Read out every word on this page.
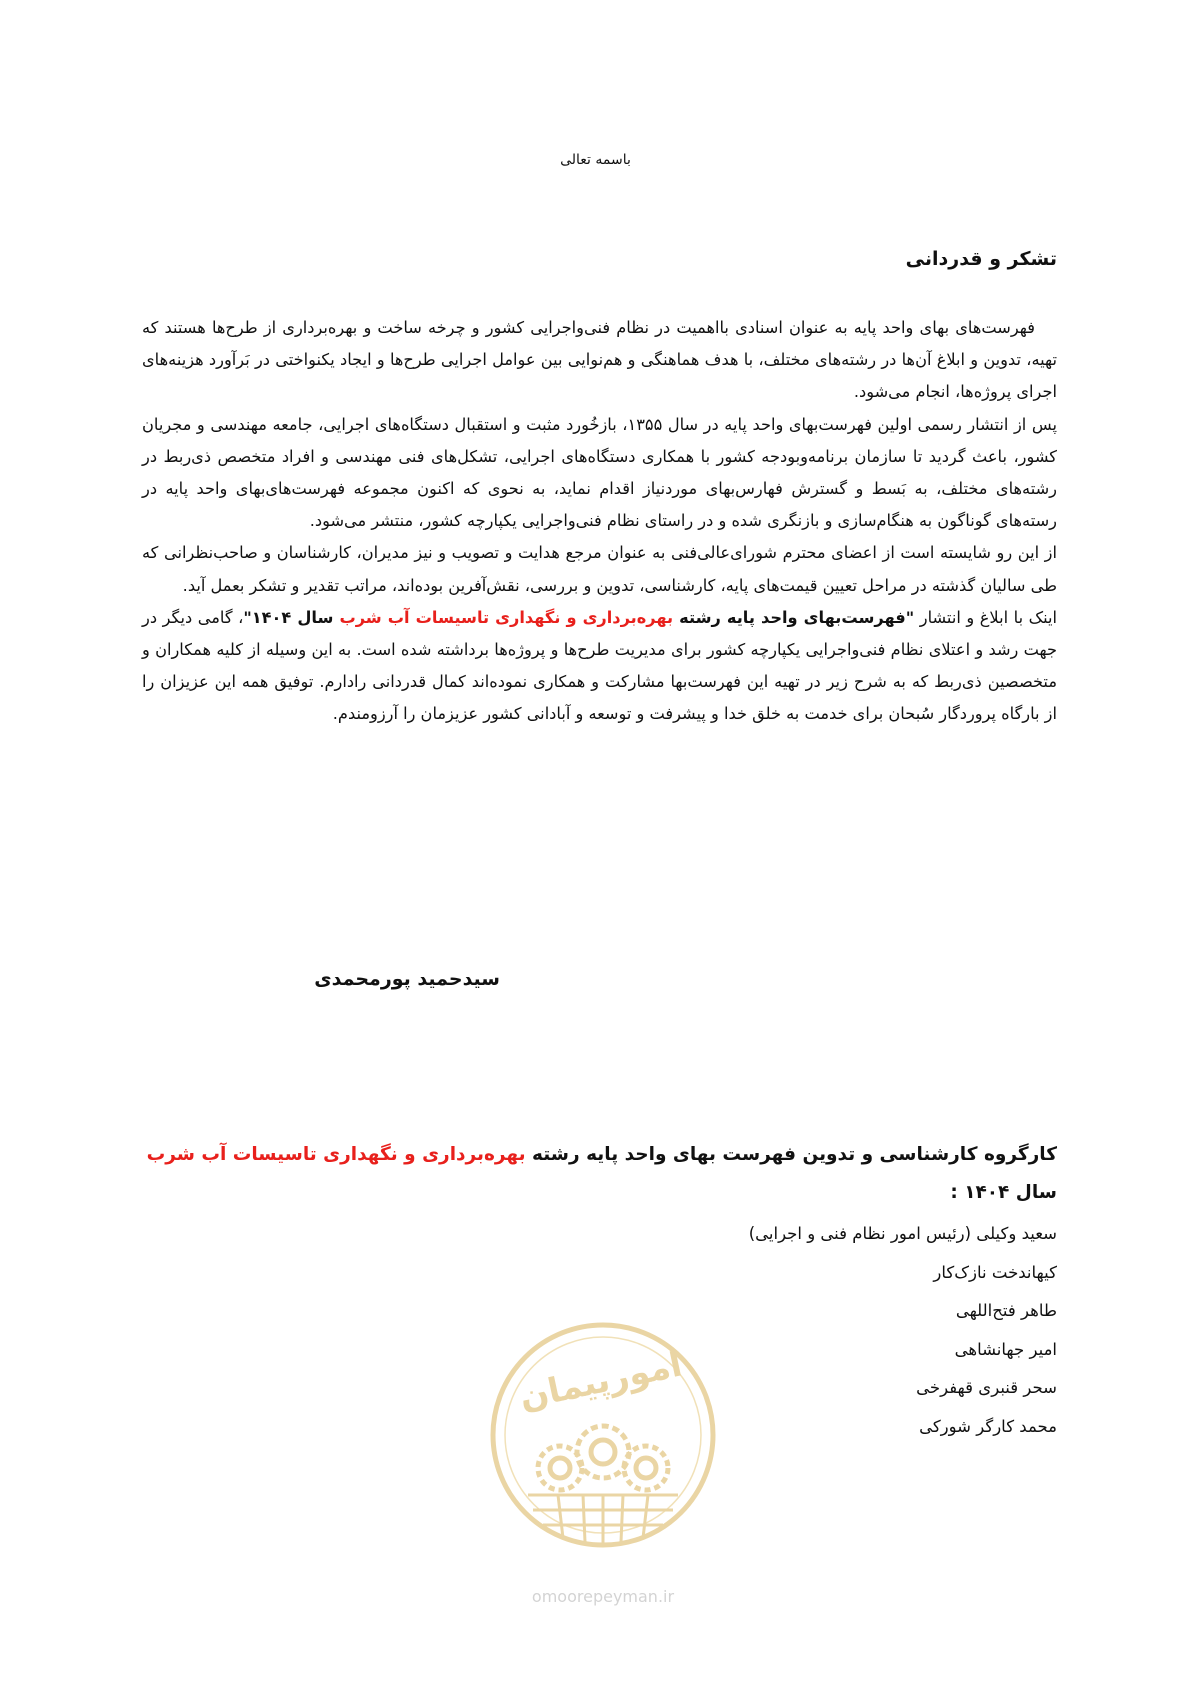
باسمه تعالی
تشکر و قدردانی

فهرست‌های بهای واحد پایه به عنوان اسنادی بااهمیت در نظام فنی‌واجرایی کشور و چرخه ساخت و بهره‌برداری از طرح‌ها هستند که تهیه، تدوین و ابلاغ آن‌ها در رشته‌های مختلف، با هدف هماهنگی و هم‌نوایی بین عوامل اجرایی طرح‌ها و ایجاد یکنواختی در بَرآورد هزینه‌های اجرای پروژه‌ها، انجام می‌شود.

پس از انتشار رسمی اولین فهرست‌بهای واحد پایه در سال ۱۳۵۵، بازخُورد مثبت و استقبال دستگاه‌های اجرایی، جامعه مهندسی و مجریان کشور، باعث گردید تا سازمان برنامه‌وبودجه کشور با همکاری دستگاه‌های اجرایی، تشکل‌های فنی مهندسی و افراد متخصص ذی‌ربط در رشته‌های مختلف، به بَسط و گسترش فهارس‌بهای موردنیاز اقدام نماید، به نحوی که اکنون مجموعه فهرست‌های‌بهای واحد پایه در رسته‌های گوناگون به هنگام‌سازی و بازنگری شده و در راستای نظام فنی‌واجرایی یکپارچه کشور، منتشر می‌شود.

از این رو شایسته است از اعضای محترم شورای‌عالی‌فنی به عنوان مرجع هدایت و تصویب و نیز مدیران، کارشناسان و صاحب‌نظرانی که طی سالیان گذشته در مراحل تعیین قیمت‌های پایه، کارشناسی، تدوین و بررسی، نقش‌آفرین بوده‌اند، مراتب تقدیر و تشکر بعمل آید.

اینک با ابلاغ و انتشار "فهرست‌بهای واحد پایه رشته بهره‌برداری و نگهداری تاسیسات آب شرب سال ۱۴۰۴"، گامی دیگر در جهت رشد و اعتلای نظام فنی‌واجرایی یکپارچه کشور برای مدیریت طرح‌ها و پروژه‌ها برداشته شده است. به این وسیله از کلیه همکاران و متخصصین ذی‌ربط که به شرح زیر در تهیه این فهرست‌بها مشارکت و همکاری نموده‌اند کمال قدردانی رادارم. توفیق همه این عزیزان را از بارگاه پروردگار سُبحان برای خدمت به خلق خدا و پیشرفت و توسعه و آبادانی کشور عزیزمان را آرزومندم.

سیدحمید پورمحمدی
کارگروه کارشناسی و تدوین فهرست بهای واحد پایه رشته بهره‌برداری و نگهداری تاسیسات آب شرب
سال ۱۴۰۴ :
سعید وکیلی (رئیس امور نظام فنی و اجرایی)
کیهاندخت نازک‌کار
طاهر فتح‌اللهی
امیر جهانشاهی
سحر قنبری قهفرخی
محمد کارگر شورکی
امورپیمان
omoorepeyman.ir
